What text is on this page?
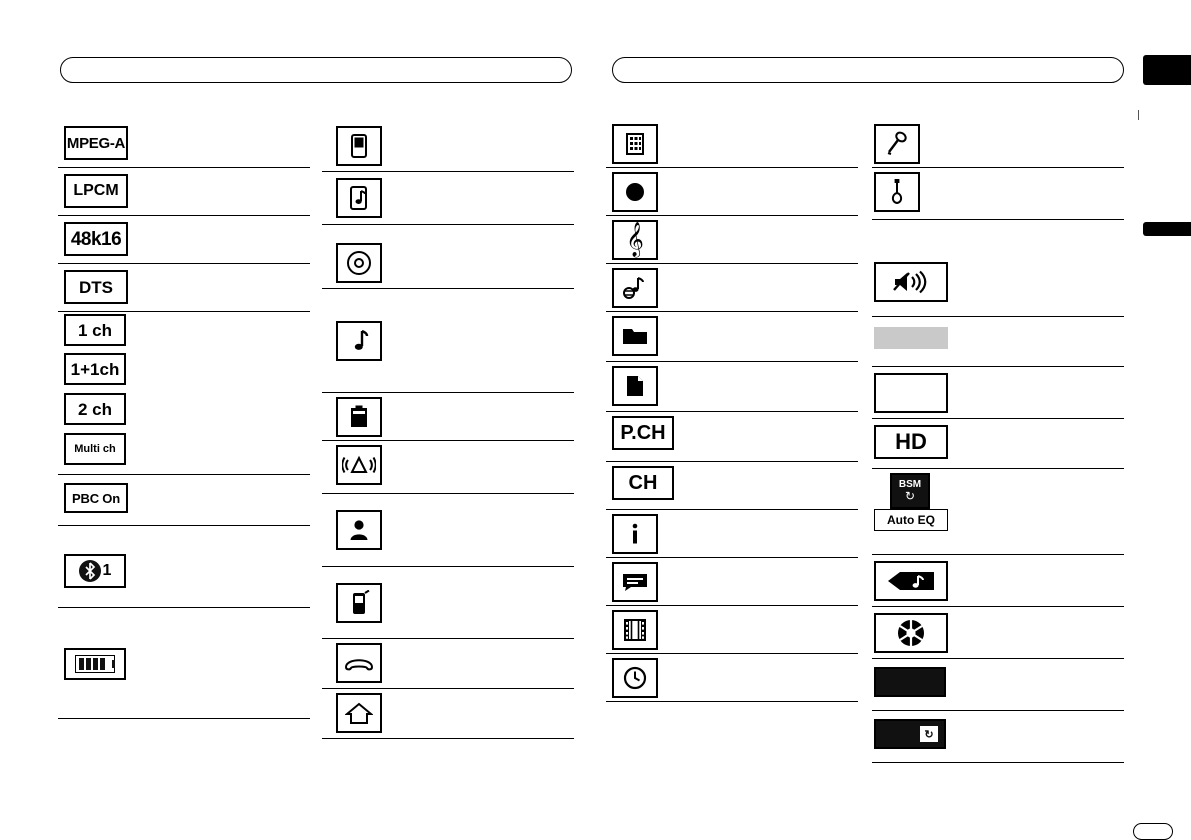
MPEG-A
LPCM
48k16
DTS
1 ch
1+1ch
2 ch
Multi ch
PBC On
1
𝄞
P.CH
CH
HD
BSM
↻
Auto EQ
↻
